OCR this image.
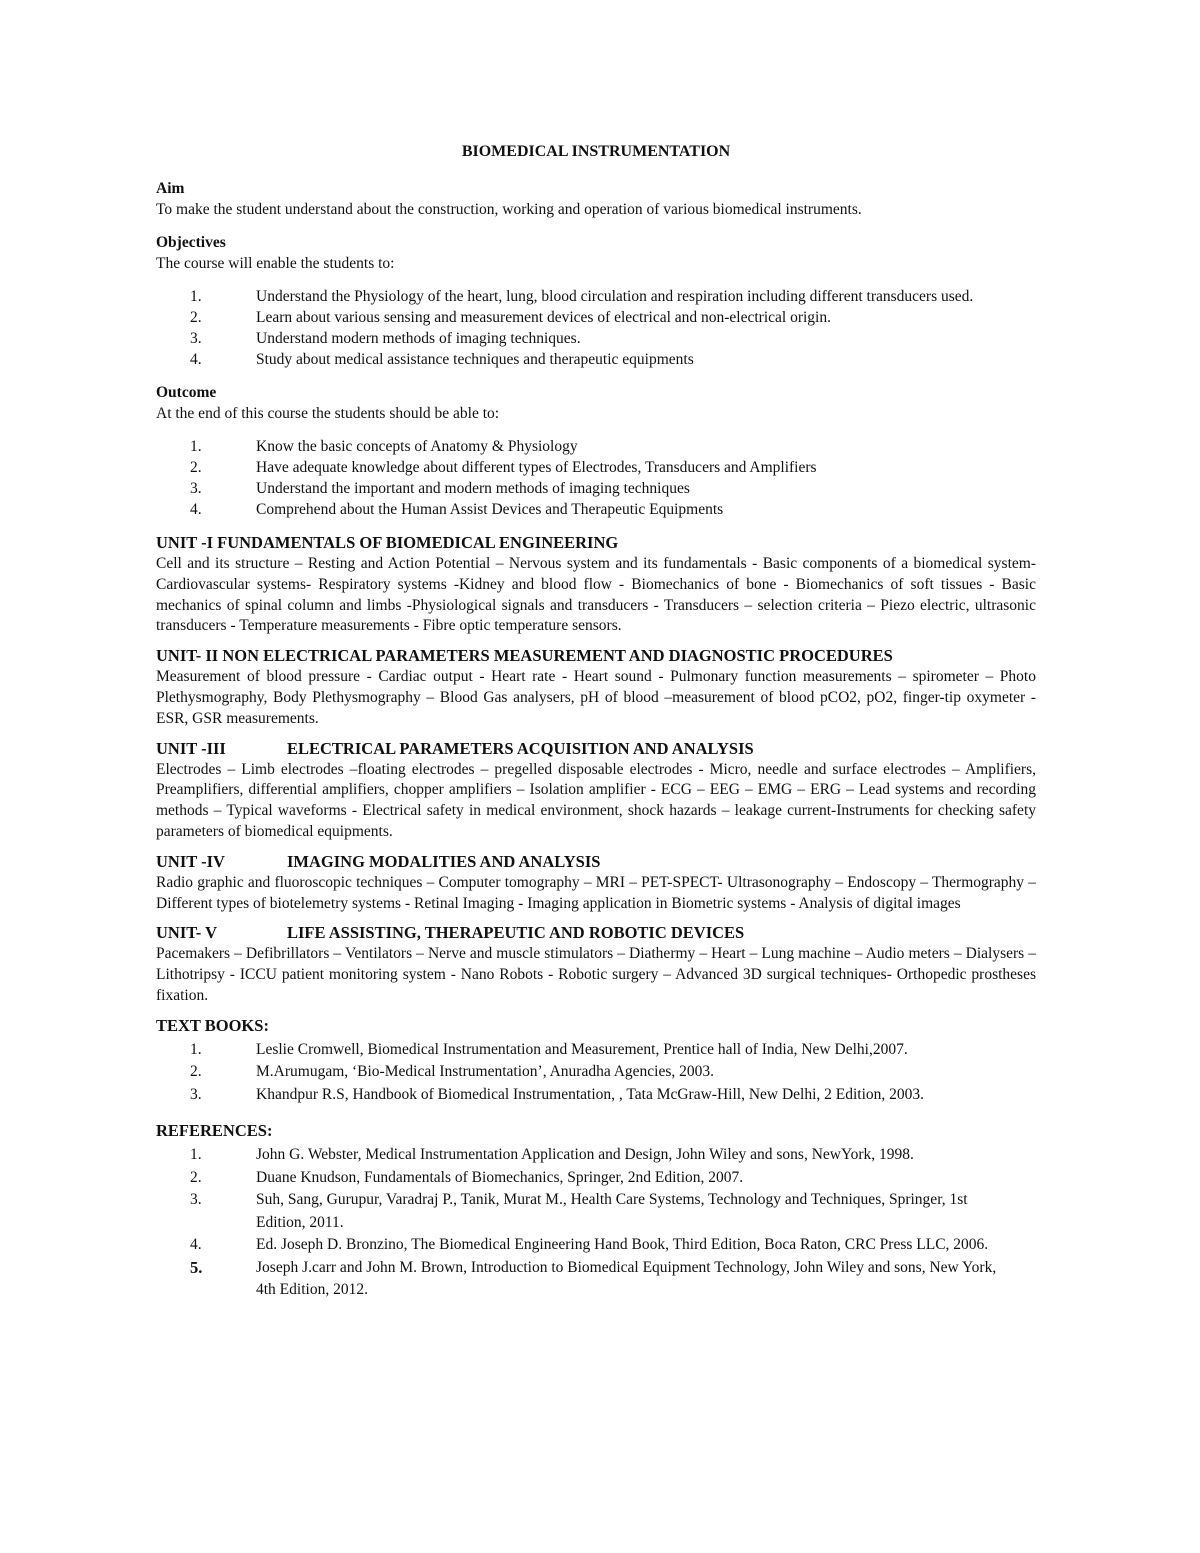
BIOMEDICAL INSTRUMENTATION
Aim
To make the student understand about the construction, working and operation of various biomedical instruments.
Objectives
The course will enable the students to:
1.	Understand the Physiology of the heart, lung, blood circulation and respiration including different transducers used.
2.	Learn about various sensing and measurement devices of electrical and non-electrical origin.
3.	Understand modern methods of imaging techniques.
4.	Study about medical assistance techniques and therapeutic equipments
Outcome
At the end of this course the students should be able to:
1.	Know the basic concepts of Anatomy & Physiology
2.	Have adequate knowledge about different types of Electrodes, Transducers and Amplifiers
3.	Understand the important and modern methods of imaging techniques
4.	Comprehend about the Human Assist Devices and Therapeutic Equipments
UNIT -I FUNDAMENTALS OF BIOMEDICAL ENGINEERING
Cell and its structure – Resting and Action Potential – Nervous system and its fundamentals - Basic components of a biomedical system- Cardiovascular systems- Respiratory systems -Kidney and blood flow - Biomechanics of bone - Biomechanics of soft tissues - Basic mechanics of spinal column and limbs -Physiological signals and transducers - Transducers – selection criteria – Piezo electric, ultrasonic transducers - Temperature measurements - Fibre optic temperature sensors.
UNIT- II NON ELECTRICAL PARAMETERS MEASUREMENT AND DIAGNOSTIC PROCEDURES
Measurement of blood pressure - Cardiac output - Heart rate - Heart sound - Pulmonary function measurements – spirometer – Photo Plethysmography, Body Plethysmography – Blood Gas analysers, pH of blood –measurement of blood pCO2, pO2, finger-tip oxymeter - ESR, GSR measurements.
UNIT -III	ELECTRICAL PARAMETERS ACQUISITION AND ANALYSIS
Electrodes – Limb electrodes –floating electrodes – pregelled disposable electrodes - Micro, needle and surface electrodes – Amplifiers, Preamplifiers, differential amplifiers, chopper amplifiers – Isolation amplifier - ECG – EEG – EMG – ERG – Lead systems and recording methods – Typical waveforms - Electrical safety in medical environment, shock hazards – leakage current-Instruments for checking safety parameters of biomedical equipments.
UNIT -IV	IMAGING MODALITIES AND ANALYSIS
Radio graphic and fluoroscopic techniques – Computer tomography – MRI – PET-SPECT- Ultrasonography – Endoscopy – Thermography –Different types of biotelemetry systems - Retinal Imaging - Imaging application in Biometric systems - Analysis of digital images
UNIT- V	LIFE ASSISTING, THERAPEUTIC AND ROBOTIC DEVICES
Pacemakers – Defibrillators – Ventilators – Nerve and muscle stimulators – Diathermy – Heart – Lung machine – Audio meters – Dialysers – Lithotripsy - ICCU patient monitoring system - Nano Robots - Robotic surgery – Advanced 3D surgical techniques- Orthopedic prostheses fixation.
TEXT BOOKS:
1.	Leslie Cromwell, Biomedical Instrumentation and Measurement, Prentice hall of India, New Delhi,2007.
2.	M.Arumugam, ‘Bio-Medical Instrumentation’, Anuradha Agencies, 2003.
3.	Khandpur R.S, Handbook of Biomedical Instrumentation, , Tata McGraw-Hill, New Delhi, 2 Edition, 2003.
REFERENCES:
1.	John G. Webster, Medical Instrumentation Application and Design, John Wiley and sons, NewYork, 1998.
2.	Duane Knudson, Fundamentals of Biomechanics, Springer, 2nd Edition, 2007.
3.	Suh, Sang, Gurupur, Varadraj P., Tanik, Murat M., Health Care Systems, Technology and Techniques, Springer, 1st Edition, 2011.
4.	Ed. Joseph D. Bronzino, The Biomedical Engineering Hand Book, Third Edition, Boca Raton, CRC Press LLC, 2006.
5.	Joseph J.carr and John M. Brown, Introduction to Biomedical Equipment Technology, John Wiley and sons, New York, 4th Edition, 2012.
